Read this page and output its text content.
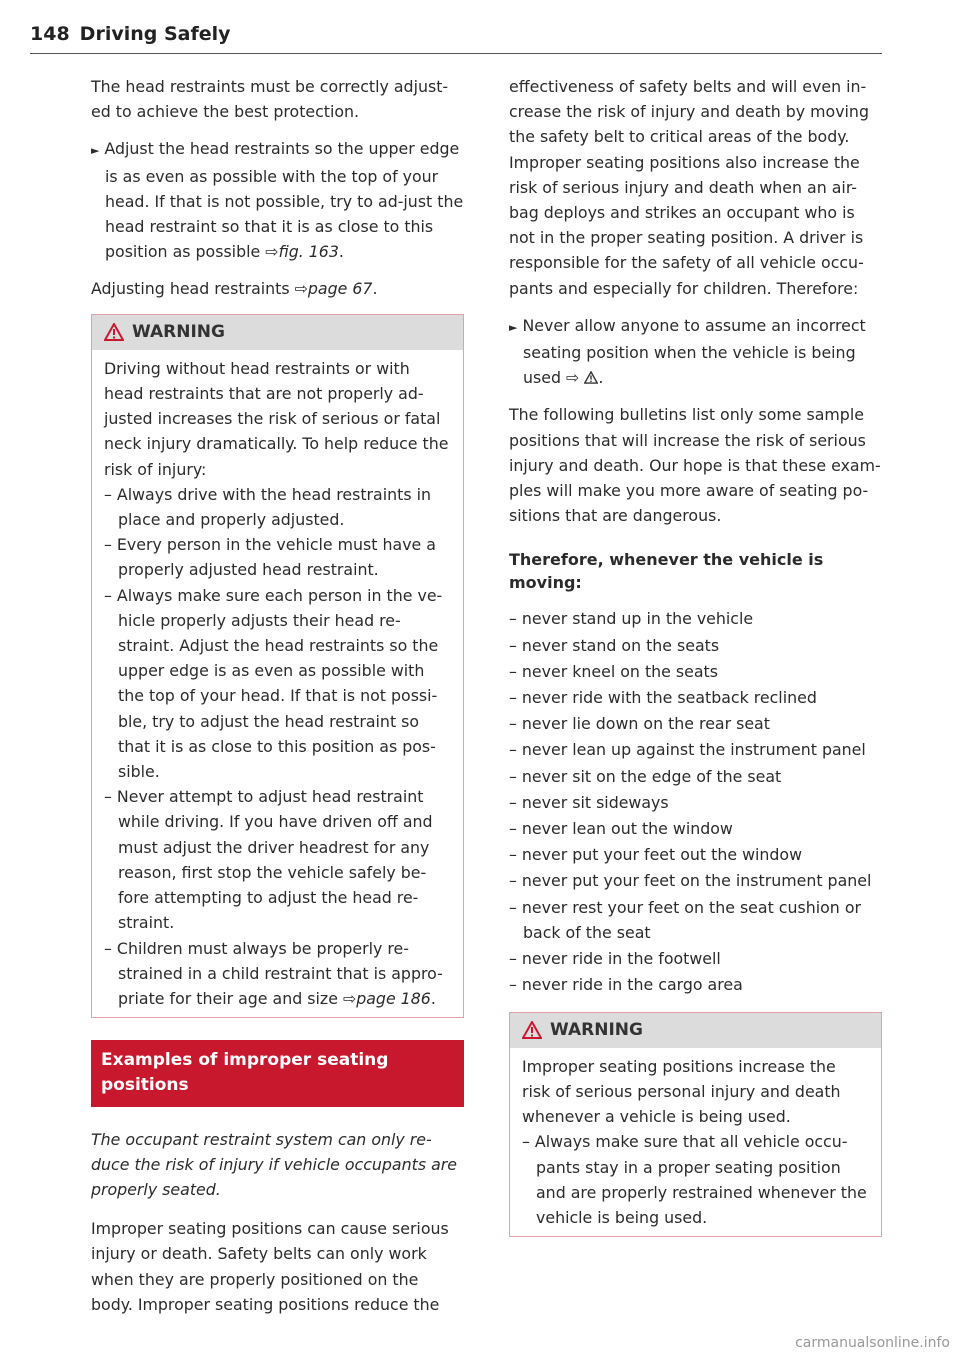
148 Driving Safely

The head restraints must be correctly adjust-ed to achieve the best protection.

► Adjust the head restraints so the upper edge is as even as possible with the top of your head. If that is not possible, try to ad-just the head restraint so that it is as close to this position as possible ⇨fig. 163.

Adjusting head restraints ⇨page 67.

WARNING

Driving without head restraints or with head restraints that are not properly ad-justed increases the risk of serious or fatal neck injury dramatically. To help reduce the risk of injury:

– Always drive with the head restraints in place and properly adjusted.

– Every person in the vehicle must have a properly adjusted head restraint.

– Always make sure each person in the ve-hicle properly adjusts their head re-straint. Adjust the head restraints so the upper edge is as even as possible with the top of your head. If that is not possi-ble, try to adjust the head restraint so that it is as close to this position as pos-sible.

– Never attempt to adjust head restraint while driving. If you have driven off and must adjust the driver headrest for any reason, first stop the vehicle safely be-fore attempting to adjust the head re-straint.

– Children must always be properly re-strained in a child restraint that is appro-priate for their age and size ⇨page 186.

Examples of improper seating positions

The occupant restraint system can only re-duce the risk of injury if vehicle occupants are properly seated.

Improper seating positions can cause serious injury or death. Safety belts can only work when they are properly positioned on the body. Improper seating positions reduce the

effectiveness of safety belts and will even in-crease the risk of injury and death by moving the safety belt to critical areas of the body. Improper seating positions also increase the risk of serious injury and death when an air-bag deploys and strikes an occupant who is not in the proper seating position. A driver is responsible for the safety of all vehicle occu-pants and especially for children. Therefore:

► Never allow anyone to assume an incorrect seating position when the vehicle is being used ⇨ .

The following bulletins list only some sample positions that will increase the risk of serious injury and death. Our hope is that these exam-ples will make you more aware of seating po-sitions that are dangerous.

Therefore, whenever the vehicle is moving:
– never stand up in the vehicle
– never stand on the seats
– never kneel on the seats
– never ride with the seatback reclined
– never lie down on the rear seat
– never lean up against the instrument panel
– never sit on the edge of the seat
– never sit sideways
– never lean out the window
– never put your feet out the window
– never put your feet on the instrument panel
– never rest your feet on the seat cushion or back of the seat
– never ride in the footwell
– never ride in the cargo area
WARNING

Improper seating positions increase the risk of serious personal injury and death whenever a vehicle is being used.

– Always make sure that all vehicle occu-pants stay in a proper seating position and are properly restrained whenever the vehicle is being used.

carmanualsonline.info
